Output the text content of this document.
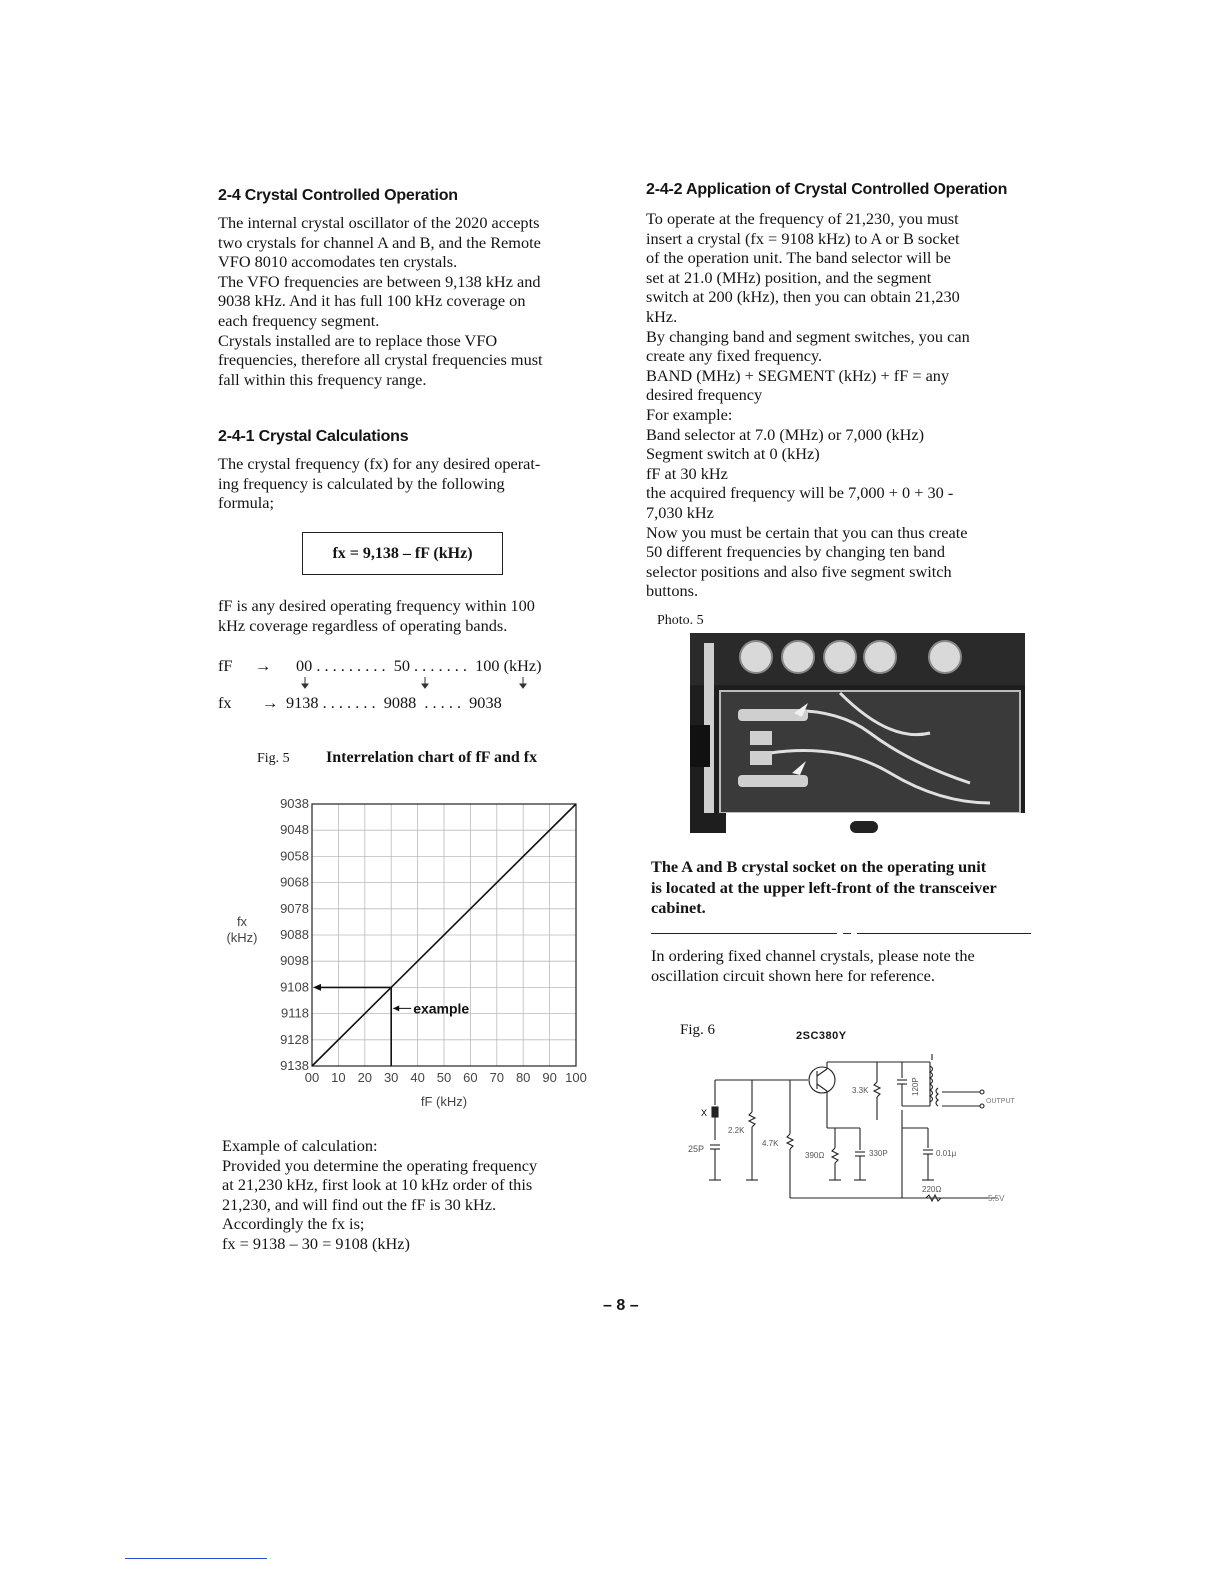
2-4 Crystal Controlled Operation
The internal crystal oscillator of the 2020 accepts
two crystals for channel A and B, and the Remote
VFO 8010 accomodates ten crystals.
The VFO frequencies are between 9,138 kHz and
9038 kHz. And it has full 100 kHz coverage on
each frequency segment.
Crystals installed are to replace those VFO
frequencies, therefore all crystal frequencies must
fall within this frequency range.
2-4-1 Crystal Calculations
The crystal frequency (fx) for any desired operat-
ing frequency is calculated by the following
formula;
fx = 9,138 – fF (kHz)
fF is any desired operating frequency within 100
kHz coverage regardless of operating bands.
fF → 00 . . . . . . . . .  50 . . . . . . .  100 (kHz)
fx → 9138 . . . . . . .  9088  . . . . .  9038
Fig. 5 Interrelation chart of fF and fx
00 10 20 30 40 50 60 70 80 90 100
9038
9048
9058
9068
9078
9088
9098
9108
9118
9128
9138
example
fF (kHz)
fx
(kHz)
Example of calculation:
Provided you determine the operating frequency
at 21,230 kHz, first look at 10 kHz order of this
21,230, and will find out the fF is 30 kHz.
Accordingly the fx is;
fx = 9138 – 30 = 9108 (kHz)
2-4-2 Application of Crystal Controlled Operation
To operate at the frequency of 21,230, you must
insert a crystal (fx = 9108 kHz) to A or B socket
of the operation unit. The band selector will be
set at 21.0 (MHz) position, and the segment
switch at 200 (kHz), then you can obtain 21,230
kHz.
By changing band and segment switches, you can
create any fixed frequency.
BAND (MHz) + SEGMENT (kHz) + fF = any
desired frequency
For example:
Band selector at 7.0 (MHz) or 7,000 (kHz)
Segment switch at 0 (kHz)
fF at 30 kHz
the acquired frequency will be 7,000 + 0 + 30 -
7,030 kHz
Now you must be certain that you can thus create
50 different frequencies by changing ten band
selector positions and also five segment switch
buttons.
Photo. 5
The A and B crystal socket on the operating unit
is located at the upper left-front of the transceiver
cabinet.
In ordering fixed channel crystals, please note the
oscillation circuit shown here for reference.
Fig. 6	2SC380Y
X
25P
2.2K
4.7K
390Ω	330P
3.3K	120P
0.01μ
220Ω
OUTPUT
5.5V
– 8 –
